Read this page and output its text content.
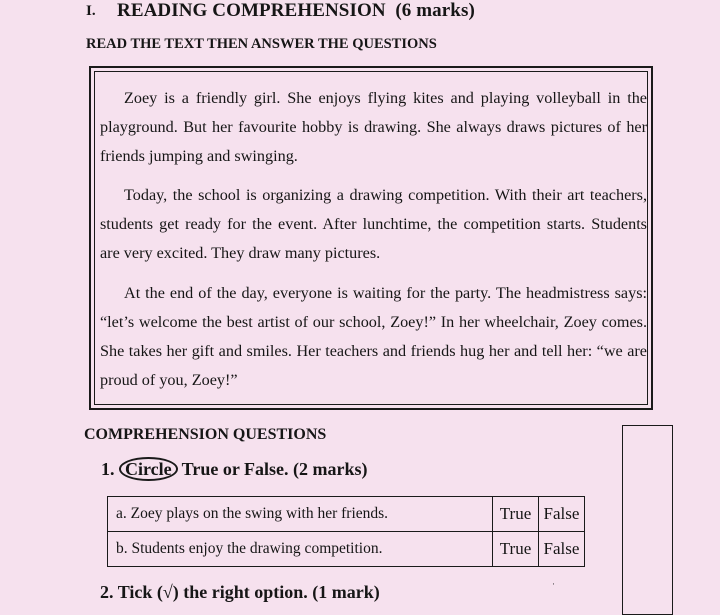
I. READING COMPREHENSION  (6 marks)
READ THE TEXT THEN ANSWER THE QUESTIONS
Zoey is a friendly girl. She enjoys flying kites and playing volleyball in the playground. But her favourite hobby is drawing. She always draws pictures of her friends jumping and swinging.
Today, the school is organizing a drawing competition. With their art teachers, students get ready for the event. After lunchtime, the competition starts. Students are very excited. They draw many pictures.
At the end of the day, everyone is waiting for the party. The headmistress says: “let’s welcome the best artist of our school, Zoey!” In her wheelchair, Zoey comes. She takes her gift and smiles. Her teachers and friends hug her and tell her: “we are proud of you, Zoey!”
COMPREHENSION QUESTIONS
1. Circle True or False. (2 marks)
a. Zoey plays on the swing with her friends.	True	False
b. Students enjoy the drawing competition.	True	False
2. Tick (√) the right option. (1 mark)	·
